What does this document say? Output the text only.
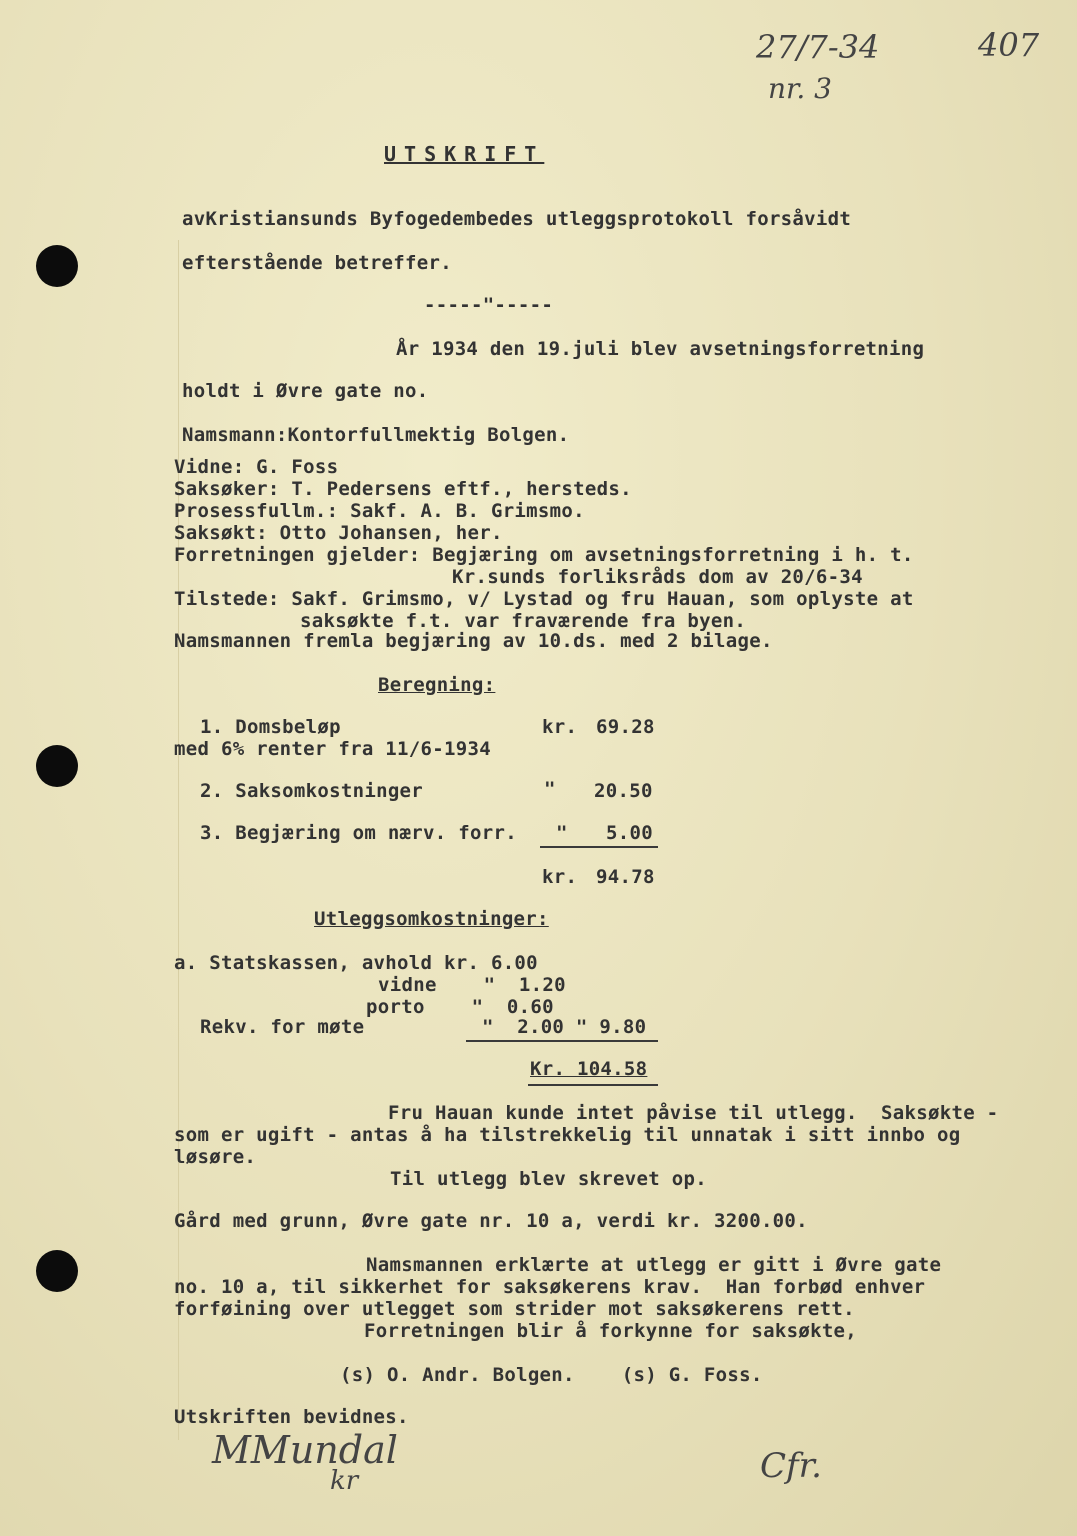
27/7-34	407
nr. 3
UTSKRIFT
avKristiansunds Byfogedembedes utleggsprotokoll forsåvidt
efterstående betreffer.
-----"-----
År 1934 den 19.juli blev avsetningsforretning
holdt i Øvre gate no.
Namsmann:Kontorfullmektig Bolgen.
Vidne: G. Foss
Saksøker: T. Pedersens eftf., hersteds.
Prosessfullm.: Sakf. A. B. Grimsmo.
Saksøkt: Otto Johansen, her.
Forretningen gjelder: Begjæring om avsetningsforretning i h. t.
Kr.sunds forliksråds dom av 20/6-34
Tilstede: Sakf. Grimsmo, v/ Lystad og fru Hauan, som oplyste at
saksøkte f.t. var fraværende fra byen.
Namsmannen fremla begjæring av 10.ds. med 2 bilage.
Beregning:
1. Domsbeløp	kr. 69.28
med 6% renter fra 11/6-1934
2. Saksomkostninger	" 20.50
3. Begjæring om nærv. forr. " 5.00
kr. 94.78
Utleggsomkostninger:
a. Statskassen, avhold kr. 6.00
vidne    "  1.20
porto    "  0.60
Rekv. for møte	"  2.00 " 9.80
Kr. 104.58
Fru Hauan kunde intet påvise til utlegg.  Saksøkte -
som er ugift - antas å ha tilstrekkelig til unnatak i sitt innbo og
løsøre.
Til utlegg blev skrevet op.
Gård med grunn, Øvre gate nr. 10 a, verdi kr. 3200.00.
Namsmannen erklærte at utlegg er gitt i Øvre gate
no. 10 a, til sikkerhet for saksøkerens krav.  Han forbød enhver
forføining over utlegget som strider mot saksøkerens rett.
Forretningen blir å forkynne for saksøkte,
(s) O. Andr. Bolgen.    (s) G. Foss.
Utskriften bevidnes.
MMundal
kr	Cfr.
